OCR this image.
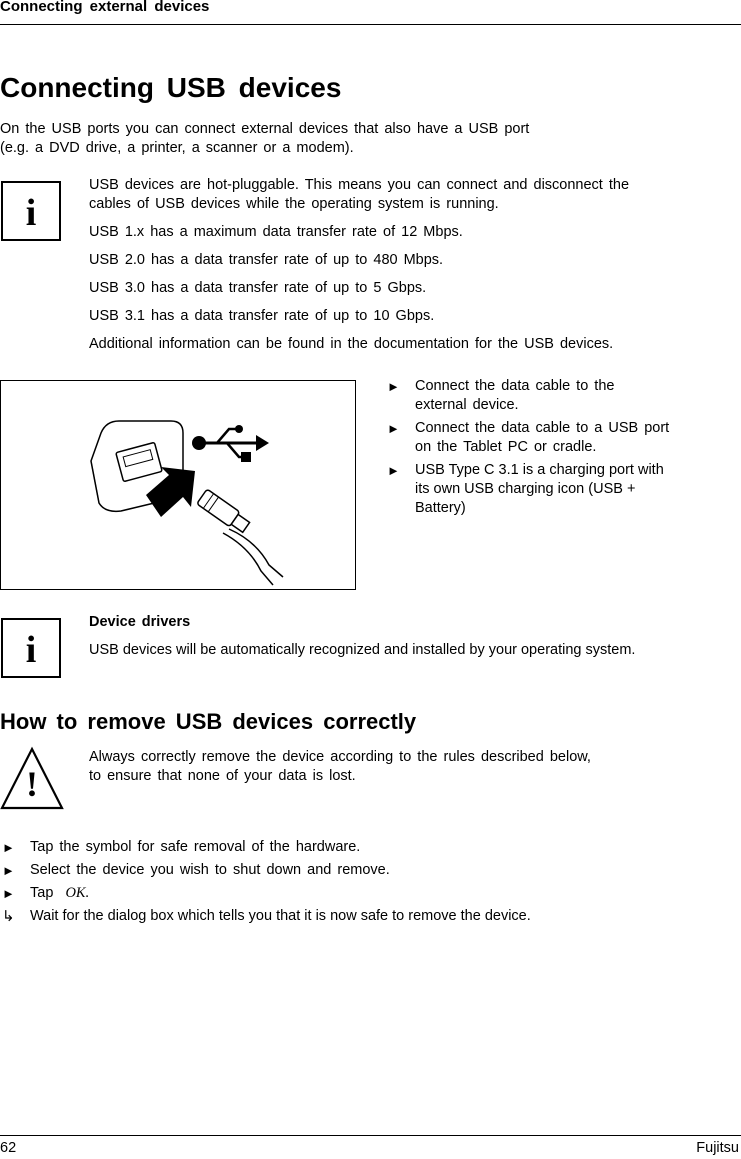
Connecting external devices
Connecting USB devices
On the USB ports you can connect external devices that also have a USB port
(e.g. a DVD drive, a printer, a scanner or a modem).
i
USB devices are hot-pluggable. This means you can connect and disconnect the
cables of USB devices while the operating system is running.
USB 1.x has a maximum data transfer rate of 12 Mbps.
USB 2.0 has a data transfer rate of up to 480 Mbps.
USB 3.0 has a data transfer rate of up to 5 Gbps.
USB 3.1 has a data transfer rate of up to 10 Gbps.
Additional information can be found in the documentation for the USB devices.
► Connect the data cable to the
external device.
► Connect the data cable to a USB port
on the Tablet PC or cradle.
► USB Type C 3.1 is a charging port with
its own USB charging icon (USB +
Battery)
i
Device drivers
USB devices will be automatically recognized and installed by your operating system.
How to remove USB devices correctly
!
Always correctly remove the device according to the rules described below,
to ensure that none of your data is lost.
► Tap the symbol for safe removal of the hardware.
► Select the device you wish to shut down and remove.
► Tap OK.
↳ Wait for the dialog box which tells you that it is now safe to remove the device.
62	Fujitsu
